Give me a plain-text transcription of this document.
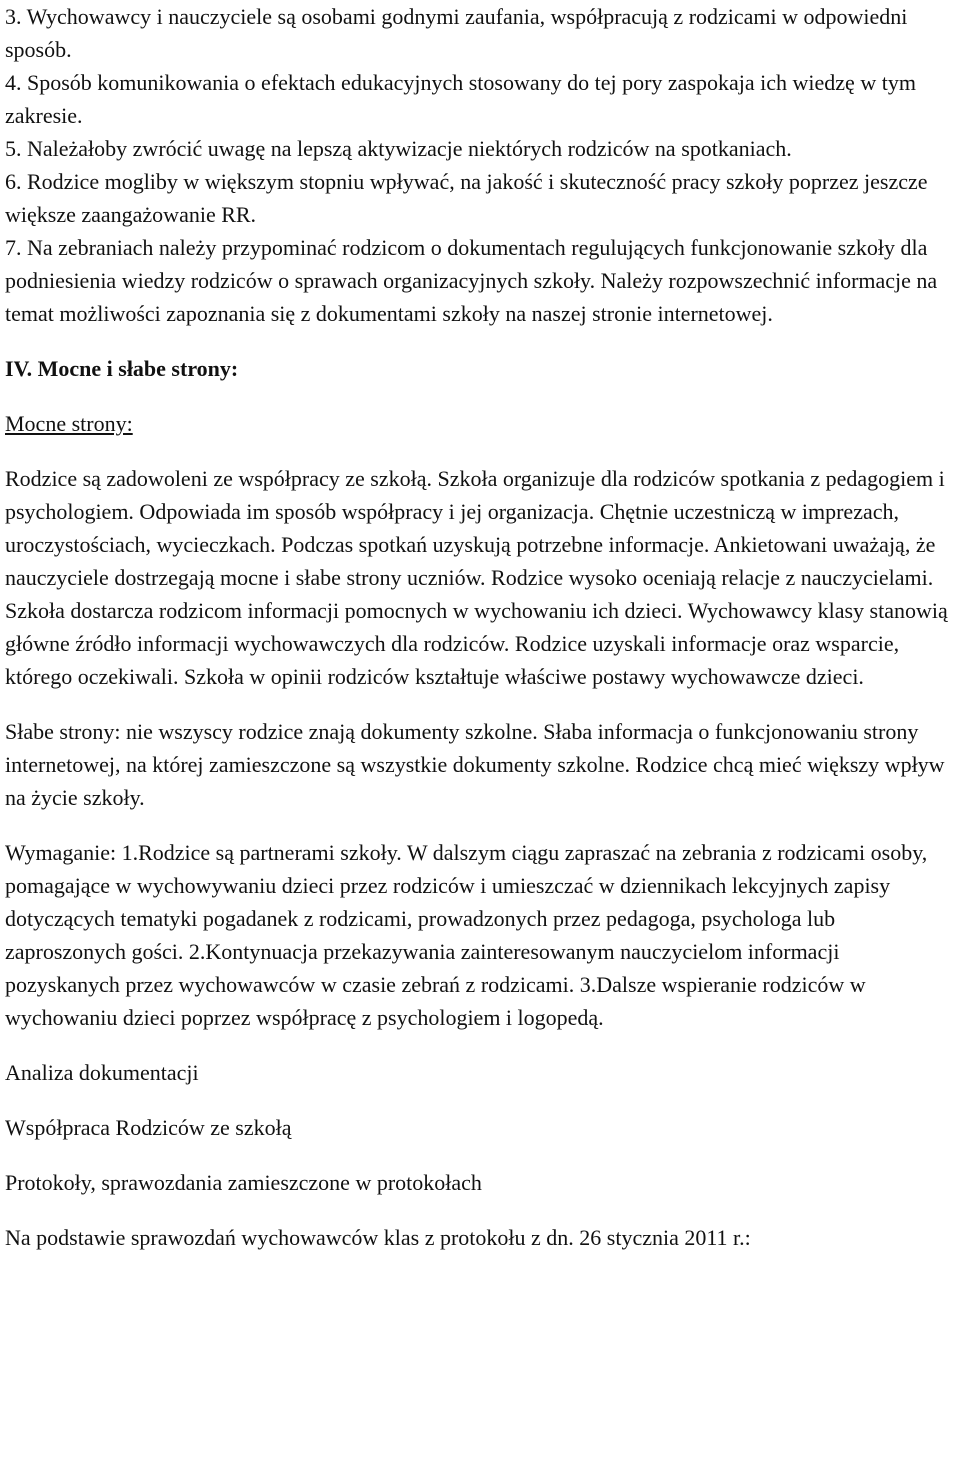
3. Wychowawcy i nauczyciele są osobami godnymi zaufania, współpracują z rodzicami w odpowiedni sposób.

4. Sposób komunikowania o efektach edukacyjnych stosowany do tej pory zaspokaja ich wiedzę w tym zakresie.

5. Należałoby zwrócić uwagę na lepszą aktywizacje niektórych rodziców na spotkaniach.

6. Rodzice mogliby w większym stopniu wpływać, na jakość i skuteczność pracy szkoły poprzez jeszcze większe zaangażowanie RR.

7. Na zebraniach należy przypominać rodzicom o dokumentach regulujących funkcjonowanie szkoły dla podniesienia wiedzy rodziców o sprawach organizacyjnych szkoły. Należy rozpowszechnić informacje na temat możliwości zapoznania się z dokumentami szkoły na naszej stronie internetowej.

IV. Mocne i słabe strony:

Mocne strony:

Rodzice są zadowoleni ze współpracy ze szkołą. Szkoła organizuje dla rodziców spotkania z pedagogiem i psychologiem. Odpowiada im sposób współpracy i jej organizacja. Chętnie uczestniczą w imprezach, uroczystościach, wycieczkach. Podczas spotkań uzyskują potrzebne informacje. Ankietowani uważają, że nauczyciele dostrzegają mocne i słabe strony uczniów. Rodzice wysoko oceniają relacje z nauczycielami. Szkoła dostarcza rodzicom informacji pomocnych w wychowaniu ich dzieci. Wychowawcy klasy stanowią główne źródło informacji wychowawczych dla rodziców. Rodzice uzyskali informacje oraz wsparcie, którego oczekiwali. Szkoła w opinii rodziców kształtuje właściwe postawy wychowawcze dzieci.

Słabe strony: nie wszyscy rodzice znają dokumenty szkolne. Słaba informacja o funkcjonowaniu strony internetowej, na której zamieszczone są wszystkie dokumenty szkolne. Rodzice chcą mieć większy wpływ na życie szkoły.

Wymaganie: 1.Rodzice są partnerami szkoły. W dalszym ciągu zapraszać na zebrania z rodzicami osoby, pomagające w wychowywaniu dzieci przez rodziców i umieszczać w dziennikach lekcyjnych zapisy dotyczących tematyki pogadanek z rodzicami, prowadzonych przez pedagoga, psychologa lub zaproszonych gości. 2.Kontynuacja przekazywania zainteresowanym nauczycielom informacji pozyskanych przez wychowawców w czasie zebrań z rodzicami. 3.Dalsze wspieranie rodziców w wychowaniu dzieci poprzez współpracę z psychologiem i logopedą.

Analiza dokumentacji

Współpraca Rodziców ze szkołą

Protokoły, sprawozdania zamieszczone w protokołach

Na podstawie sprawozdań wychowawców klas z protokołu z dn. 26 stycznia 2011 r.:
